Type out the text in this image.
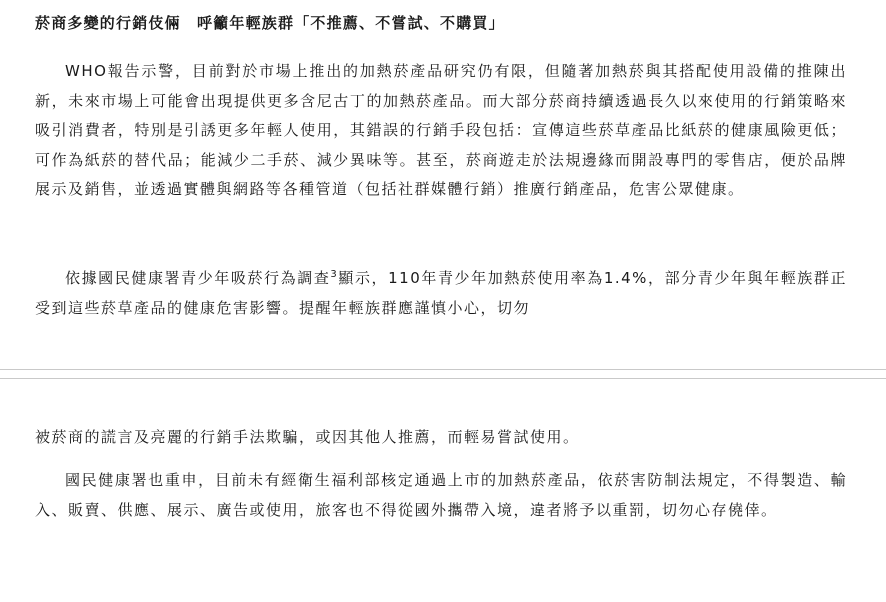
菸商多變的行銷伎倆　呼籲年輕族群「不推薦、不嘗試、不購買」

WHO報告示警，目前對於市場上推出的加熱菸產品研究仍有限，但隨著加熱菸與其搭配使用設備的推陳出新，未來市場上可能會出現提供更多含尼古丁的加熱菸產品。而大部分菸商持續透過長久以來使用的行銷策略來吸引消費者，特別是引誘更多年輕人使用，其錯誤的行銷手段包括：宣傳這些菸草產品比紙菸的健康風險更低；可作為紙菸的替代品；能減少二手菸、減少異味等。甚至，菸商遊走於法規邊緣而開設專門的零售店，便於品牌展示及銷售，並透過實體與網路等各種管道（包括社群媒體行銷）推廣行銷產品，危害公眾健康。

依據國民健康署青少年吸菸行為調查$^3$顯示，110年青少年加熱菸使用率為1.4%，部分青少年與年輕族群正受到這些菸草產品的健康危害影響。提醒年輕族群應謹慎小心，切勿

被菸商的謊言及亮麗的行銷手法欺騙，或因其他人推薦，而輕易嘗試使用。

國民健康署也重申，目前未有經衛生福利部核定通過上市的加熱菸產品，依菸害防制法規定，不得製造、輸入、販賣、供應、展示、廣告或使用，旅客也不得從國外攜帶入境，違者將予以重罰，切勿心存僥倖。
